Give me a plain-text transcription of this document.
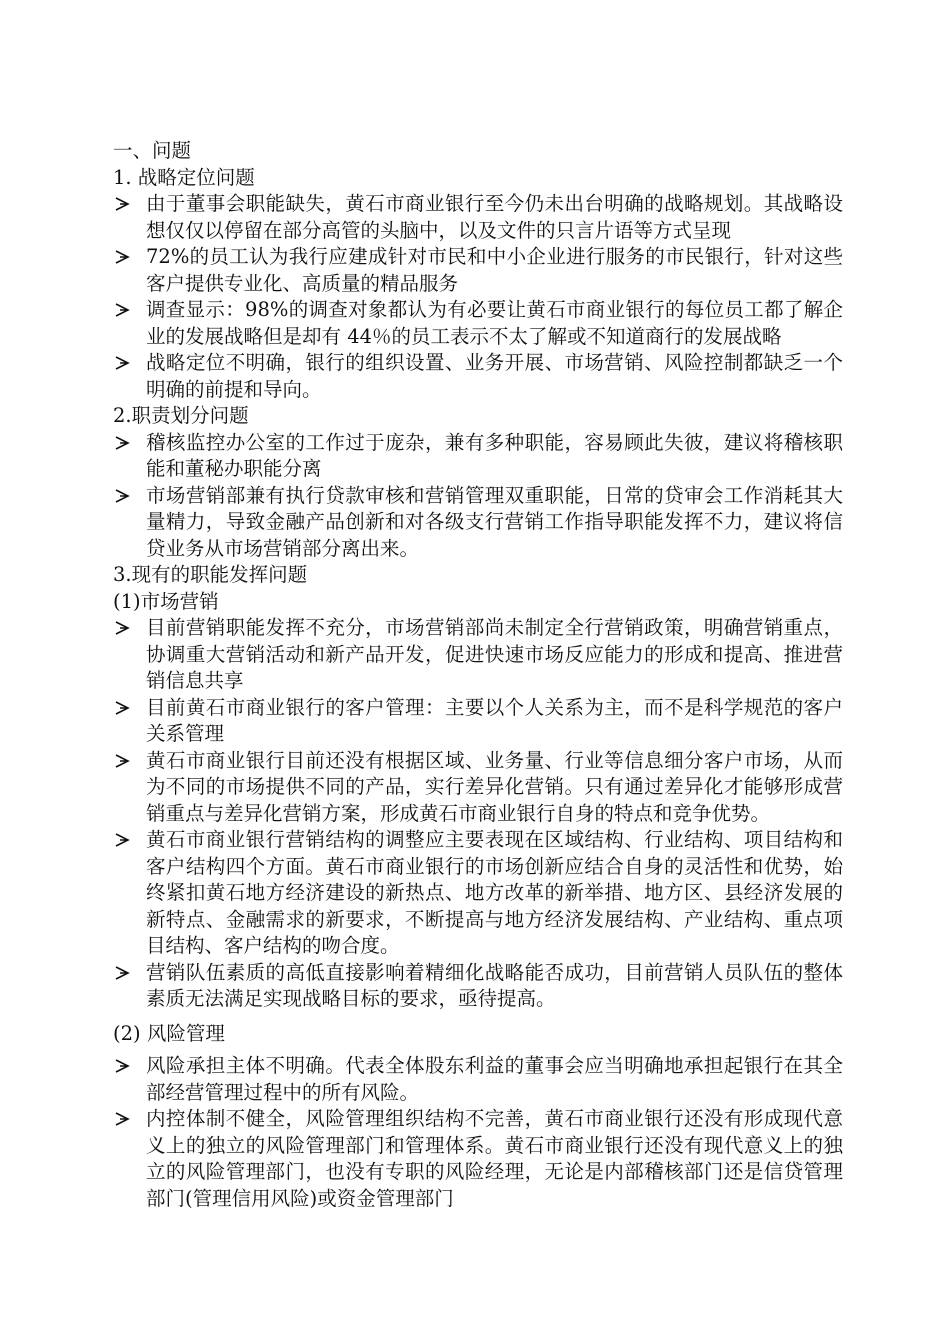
一、问题

1. 战略定位问题

由于董事会职能缺失，黄石市商业银行至今仍未出台明确的战略规划。其战略设想仅仅以停留在部分高管的头脑中，以及文件的只言片语等方式呈现
72%的员工认为我行应建成针对市民和中小企业进行服务的市民银行，针对这些客户提供专业化、高质量的精品服务
调查显示：98%的调查对象都认为有必要让黄石市商业银行的每位员工都了解企业的发展战略但是却有 44％的员工表示不太了解或不知道商行的发展战略
战略定位不明确，银行的组织设置、业务开展、市场营销、风险控制都缺乏一个明确的前提和导向。

2.职责划分问题

稽核监控办公室的工作过于庞杂，兼有多种职能，容易顾此失彼，建议将稽核职能和董秘办职能分离
市场营销部兼有执行贷款审核和营销管理双重职能，日常的贷审会工作消耗其大量精力，导致金融产品创新和对各级支行营销工作指导职能发挥不力，建议将信贷业务从市场营销部分离出来。

3.现有的职能发挥问题

(1)市场营销

目前营销职能发挥不充分，市场营销部尚未制定全行营销政策，明确营销重点，协调重大营销活动和新产品开发，促进快速市场反应能力的形成和提高、推进营销信息共享
目前黄石市商业银行的客户管理：主要以个人关系为主，而不是科学规范的客户关系管理
黄石市商业银行目前还没有根据区域、业务量、行业等信息细分客户市场，从而为不同的市场提供不同的产品，实行差异化营销。只有通过差异化才能够形成营销重点与差异化营销方案，形成黄石市商业银行自身的特点和竞争优势。
黄石市商业银行营销结构的调整应主要表现在区域结构、行业结构、项目结构和客户结构四个方面。黄石市商业银行的市场创新应结合自身的灵活性和优势，始终紧扣黄石地方经济建设的新热点、地方改革的新举措、地方区、县经济发展的新特点、金融需求的新要求，不断提高与地方经济发展结构、产业结构、重点项目结构、客户结构的吻合度。
营销队伍素质的高低直接影响着精细化战略能否成功，目前营销人员队伍的整体素质无法满足实现战略目标的要求，亟待提高。

(2) 风险管理

风险承担主体不明确。代表全体股东利益的董事会应当明确地承担起银行在其全部经营管理过程中的所有风险。
内控体制不健全，风险管理组织结构不完善，黄石市商业银行还没有形成现代意义上的独立的风险管理部门和管理体系。黄石市商业银行还没有现代意义上的独立的风险管理部门，也没有专职的风险经理，无论是内部稽核部门还是信贷管理部门(管理信用风险)或资金管理部门
